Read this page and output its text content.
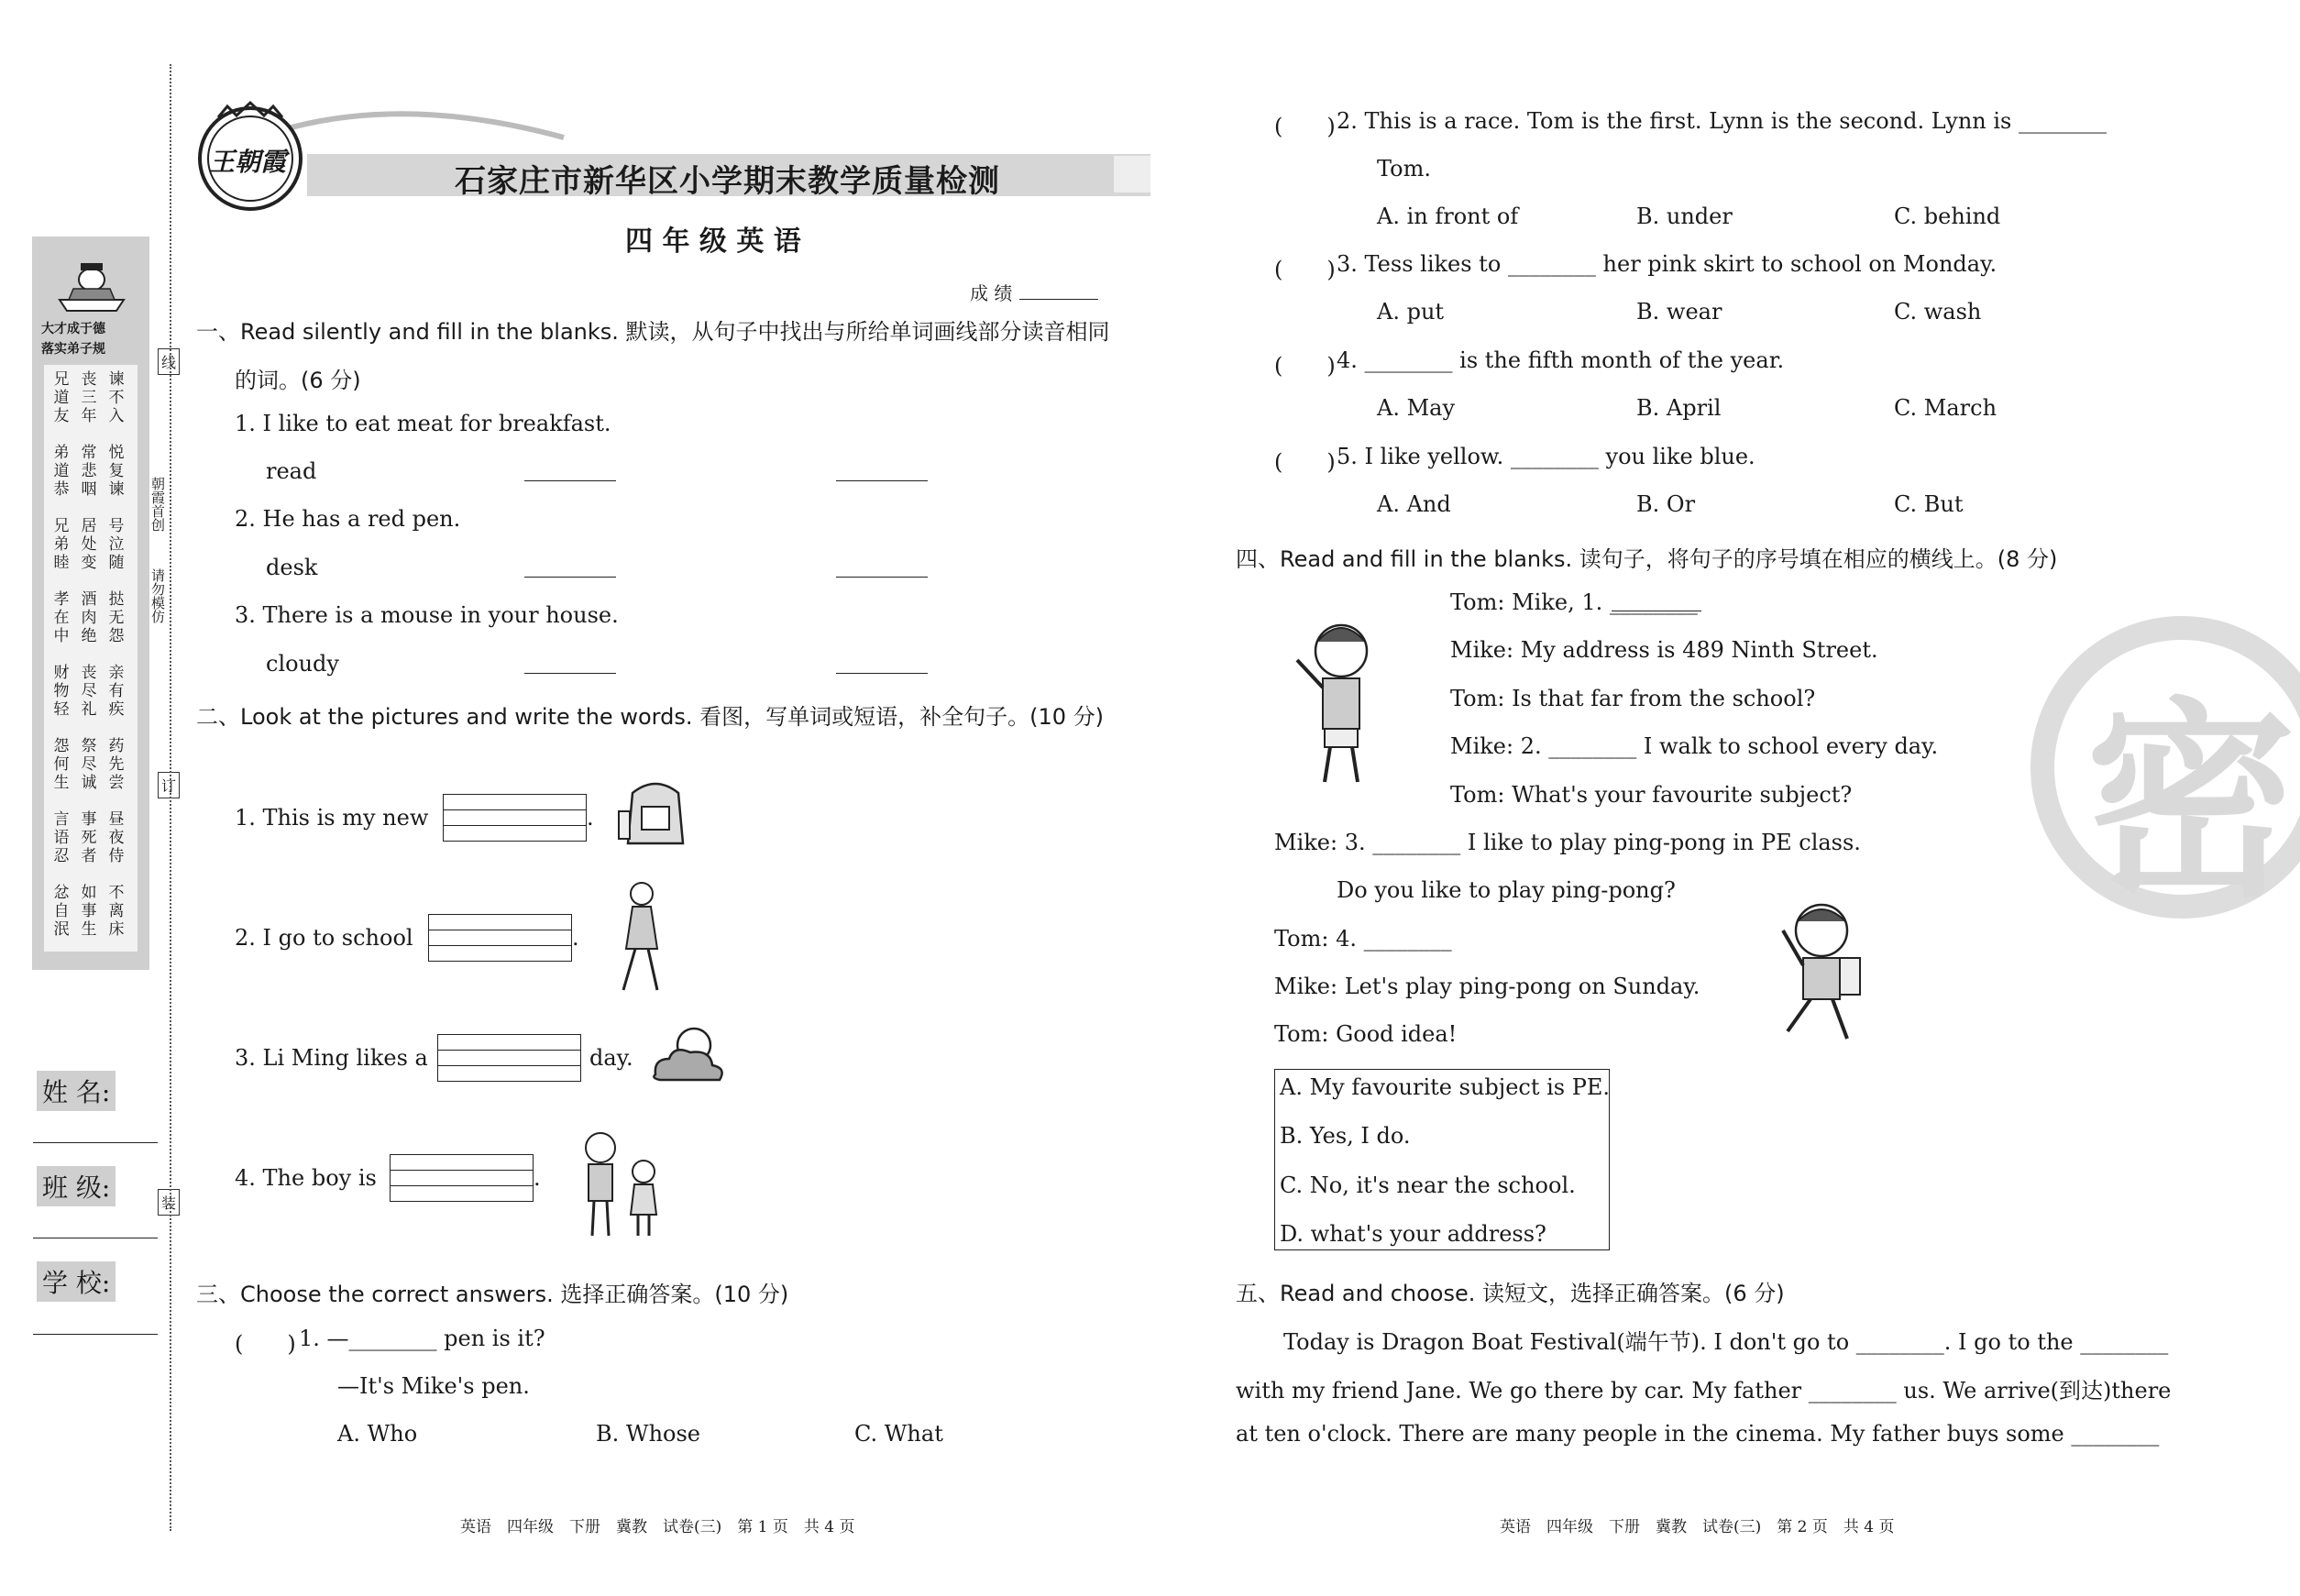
大才成于德
落实弟子规
兄道友
丧三年
谏不入
弟道恭
常悲咽
悦复谏
兄弟睦
居处变
号泣随
孝在中
酒肉绝
挞无怨
财物轻
丧尽礼
亲有疾
怨何生
祭尽诚
药先尝
言语忍
事死者
昼夜侍
忿自泯
如事生
不离床
线
订
装
朝霞首创
请勿模仿
姓 名:
班 级:
学 校:
王朝霞
石家庄市新华区小学期末教学质量检测
四 年 级 英 语
成 绩
一、Read silently and fill in the blanks. 默读，从句子中找出与所给单词画线部分读音相同
的词。(6 分)
1. I like to eat meat for breakfast.
read
2. He has a red pen.
desk
3. There is a mouse in your house.
cloudy
二、Look at the pictures and write the words. 看图，写单词或短语，补全句子。(10 分)
1. This is my new	.
2. I go to school	.
3. Li Ming likes a	day.
4. The boy is	.
三、Choose the correct answers. 选择正确答案。(10 分)
(　　) 1. —________ pen is it?
—It's Mike's pen.
A. Who	B. Whose	C. What
(　　) 2. This is a race. Tom is the first. Lynn is the second. Lynn is ________
Tom.
A. in front of	B. under	C. behind
(　　) 3. Tess likes to ________ her pink skirt to school on Monday.
A. put	B. wear	C. wash
(　　) 4. ________ is the fifth month of the year.
A. May	B. April	C. March
(　　) 5. I like yellow. ________ you like blue.
A. And	B. Or	C. But
四、Read and fill in the blanks. 读句子，将句子的序号填在相应的横线上。(8 分)
Tom: Mike, 1. ________
Mike: My address is 489 Ninth Street.
Tom: Is that far from the school?
Mike: 2. ________ I walk to school every day.
Tom: What's your favourite subject?
Mike: 3. ________ I like to play ping-pong in PE class.
Do you like to play ping-pong?
Tom: 4. ________
Mike: Let's play ping-pong on Sunday.
Tom: Good idea!
A. My favourite subject is PE.
B. Yes, I do.
C. No, it's near the school.
D. what's your address?
五、Read and choose. 读短文，选择正确答案。(6 分)
Today is Dragon Boat Festival(端午节). I don't go to ________. I go to the ________
with my friend Jane. We go there by car. My father ________ us. We arrive(到达)there
at ten o'clock. There are many people in the cinema. My father buys some ________
密
英语　四年级　下册　冀教　试卷(三)　第 1 页　共 4 页	英语　四年级　下册　冀教　试卷(三)　第 2 页　共 4 页
